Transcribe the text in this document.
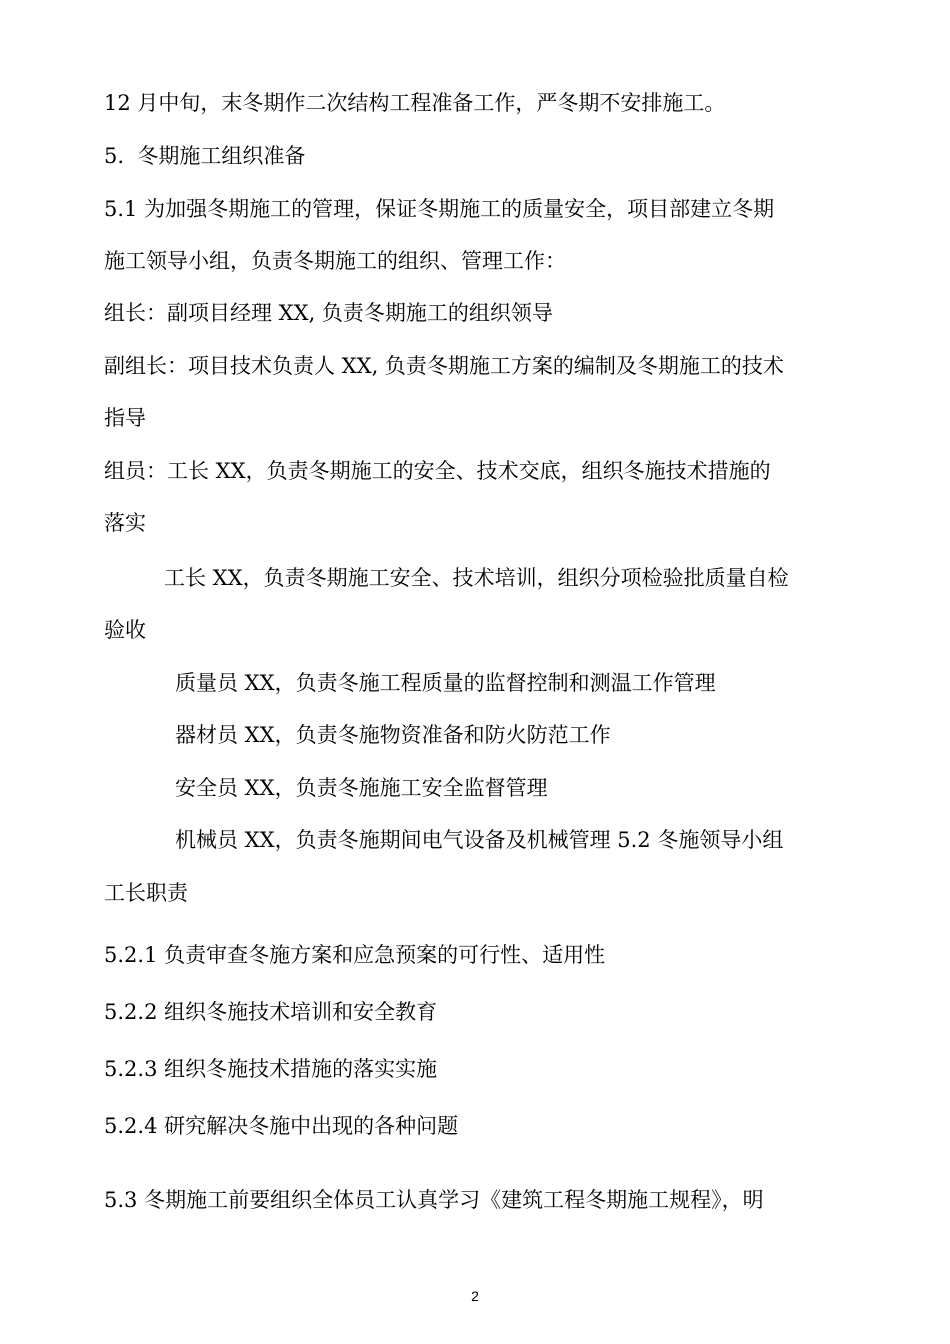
12 月中旬，末冬期作二次结构工程准备工作，严冬期不安排施工。
5.  冬期施工组织准备
5.1 为加强冬期施工的管理，保证冬期施工的质量安全，项目部建立冬期
施工领导小组，负责冬期施工的组织、管理工作：
组长：副项目经理 XX, 负责冬期施工的组织领导
副组长：项目技术负责人 XX, 负责冬期施工方案的编制及冬期施工的技术
指导
组员：工长 XX，负责冬期施工的安全、技术交底，组织冬施技术措施的
落实
工长 XX，负责冬期施工安全、技术培训，组织分项检验批质量自检
验收
质量员 XX，负责冬施工程质量的监督控制和测温工作管理
器材员 XX，负责冬施物资准备和防火防范工作
安全员 XX，负责冬施施工安全监督管理
机械员 XX，负责冬施期间电气设备及机械管理 5.2 冬施领导小组
工长职责
5.2.1 负责审查冬施方案和应急预案的可行性、适用性
5.2.2 组织冬施技术培训和安全教育
5.2.3 组织冬施技术措施的落实实施
5.2.4 研究解决冬施中出现的各种问题
5.3 冬期施工前要组织全体员工认真学习《建筑工程冬期施工规程》，明
2
